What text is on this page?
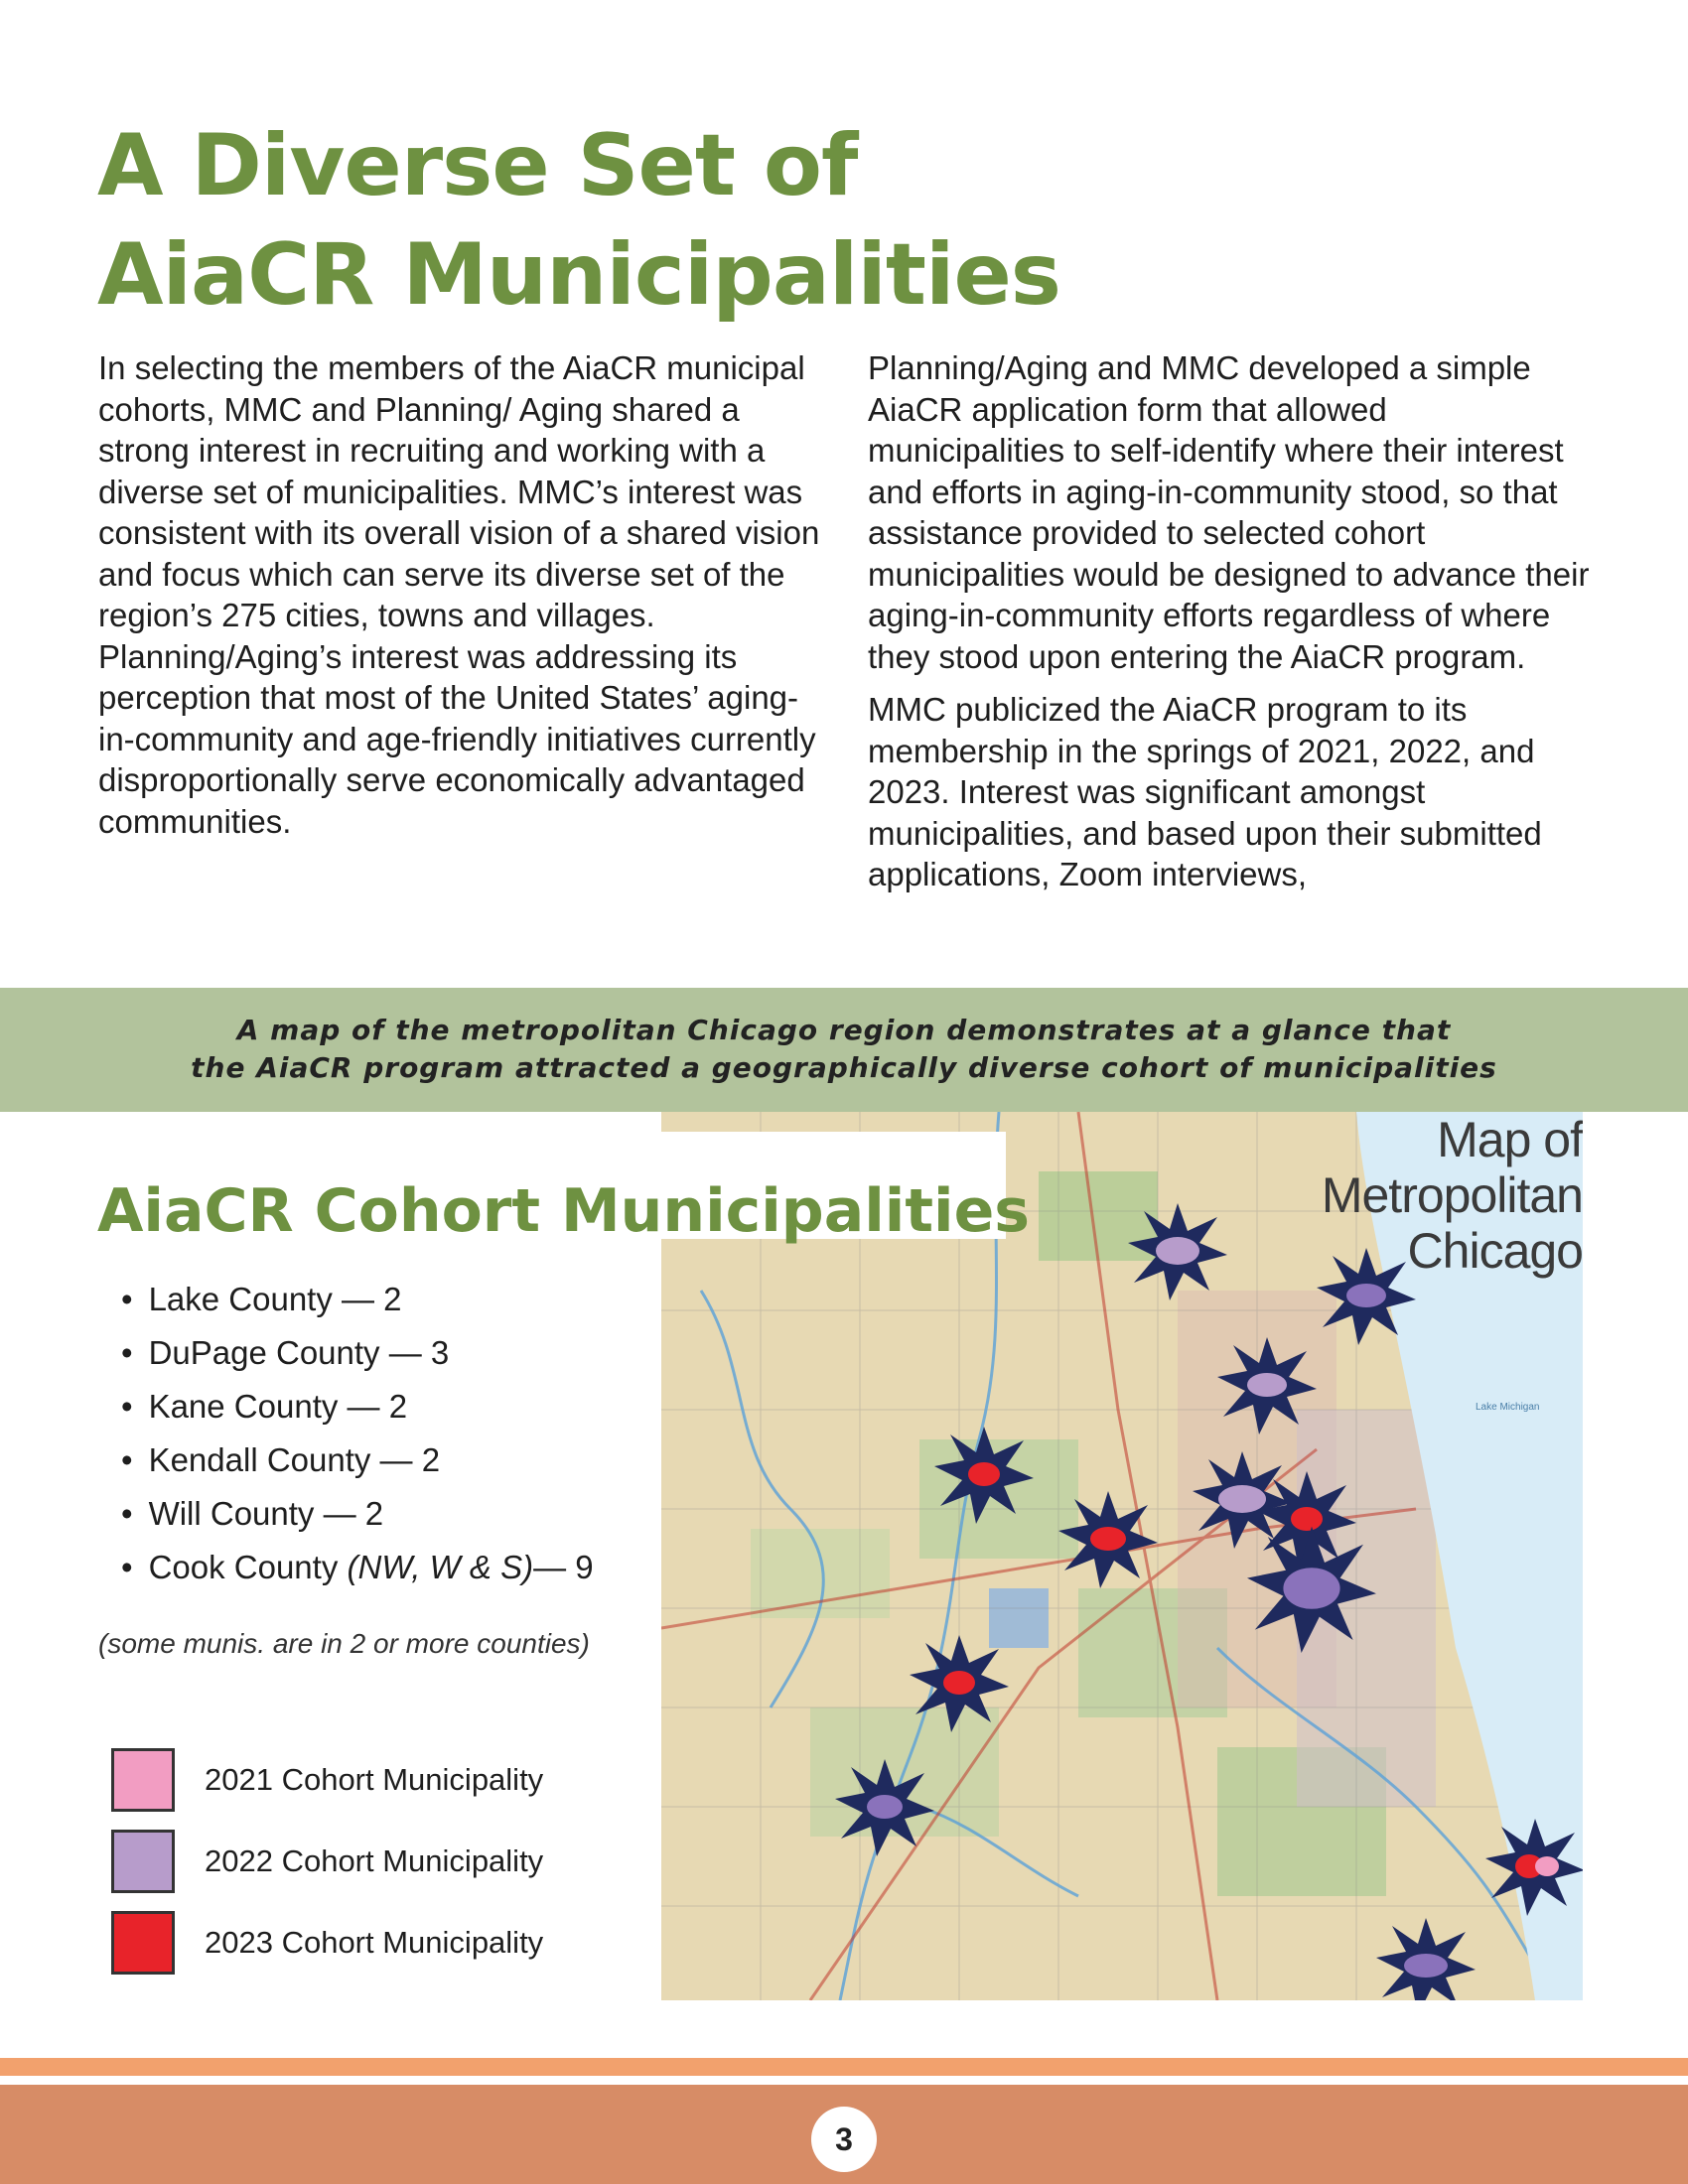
A Diverse Set of
AiaCR Municipalities

In selecting the members of the AiaCR municipal cohorts, MMC and Planning/ Aging shared a strong interest in recruiting and working with a diverse set of municipalities. MMC’s interest was consistent with its overall vision of a shared vision and focus which can serve its diverse set of the region’s 275 cities, towns and villages. Planning/Aging’s interest was addressing its perception that most of the United States’ aging-in-community and age-friendly initiatives currently disproportionally serve economically advantaged communities.

Planning/Aging and MMC developed a simple AiaCR application form that allowed municipalities to self-identify where their interest and efforts in aging-in-community stood, so that assistance provided to selected cohort municipalities would be designed to advance their aging-in-community efforts regardless of where they stood upon entering the AiaCR program.

MMC publicized the AiaCR program to its membership in the springs of 2021, 2022, and 2023. Interest was significant amongst municipalities, and based upon their submitted applications, Zoom interviews,

A map of the metropolitan Chicago region demonstrates at a glance that
the AiaCR program attracted a geographically diverse cohort of municipalities
Lake Michigan
Map of
Metropolitan
Chicago
AiaCR Cohort Municipalities
• Lake County — 2
• DuPage County — 3
• Kane County — 2
• Kendall County — 2
• Will County — 2
• Cook County (NW, W & S)— 9
(some munis. are in 2 or more counties)
2021 Cohort Municipality
2022 Cohort Municipality
2023 Cohort Municipality
3
